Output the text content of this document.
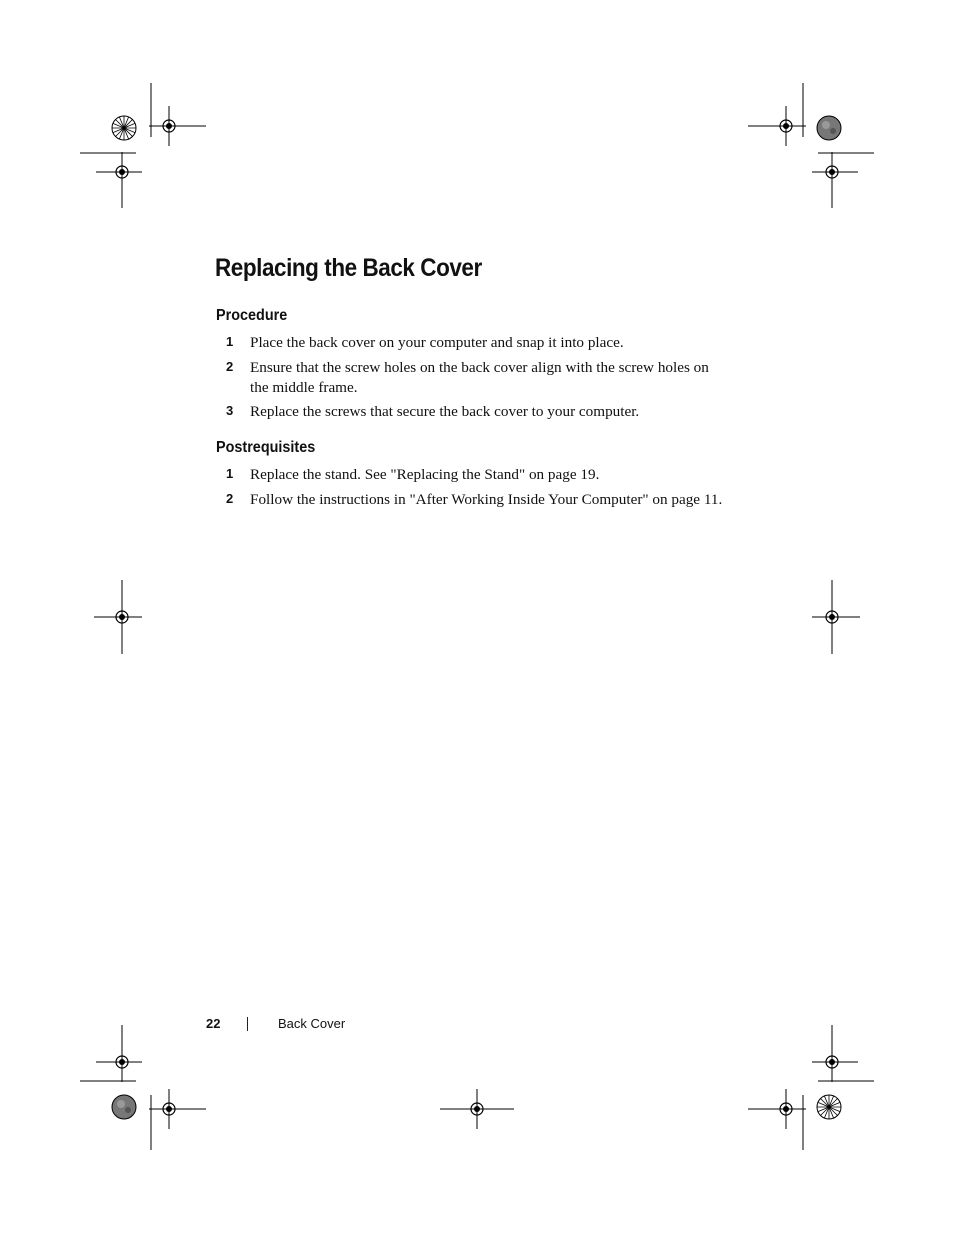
Replacing the Back Cover
Procedure
1 Place the back cover on your computer and snap it into place.
2 Ensure that the screw holes on the back cover align with the screw holes on the middle frame.
3 Replace the screws that secure the back cover to your computer.
Postrequisites
1 Replace the stand. See "Replacing the Stand" on page 19.
2 Follow the instructions in "After Working Inside Your Computer" on page 11.
22	Back Cover
